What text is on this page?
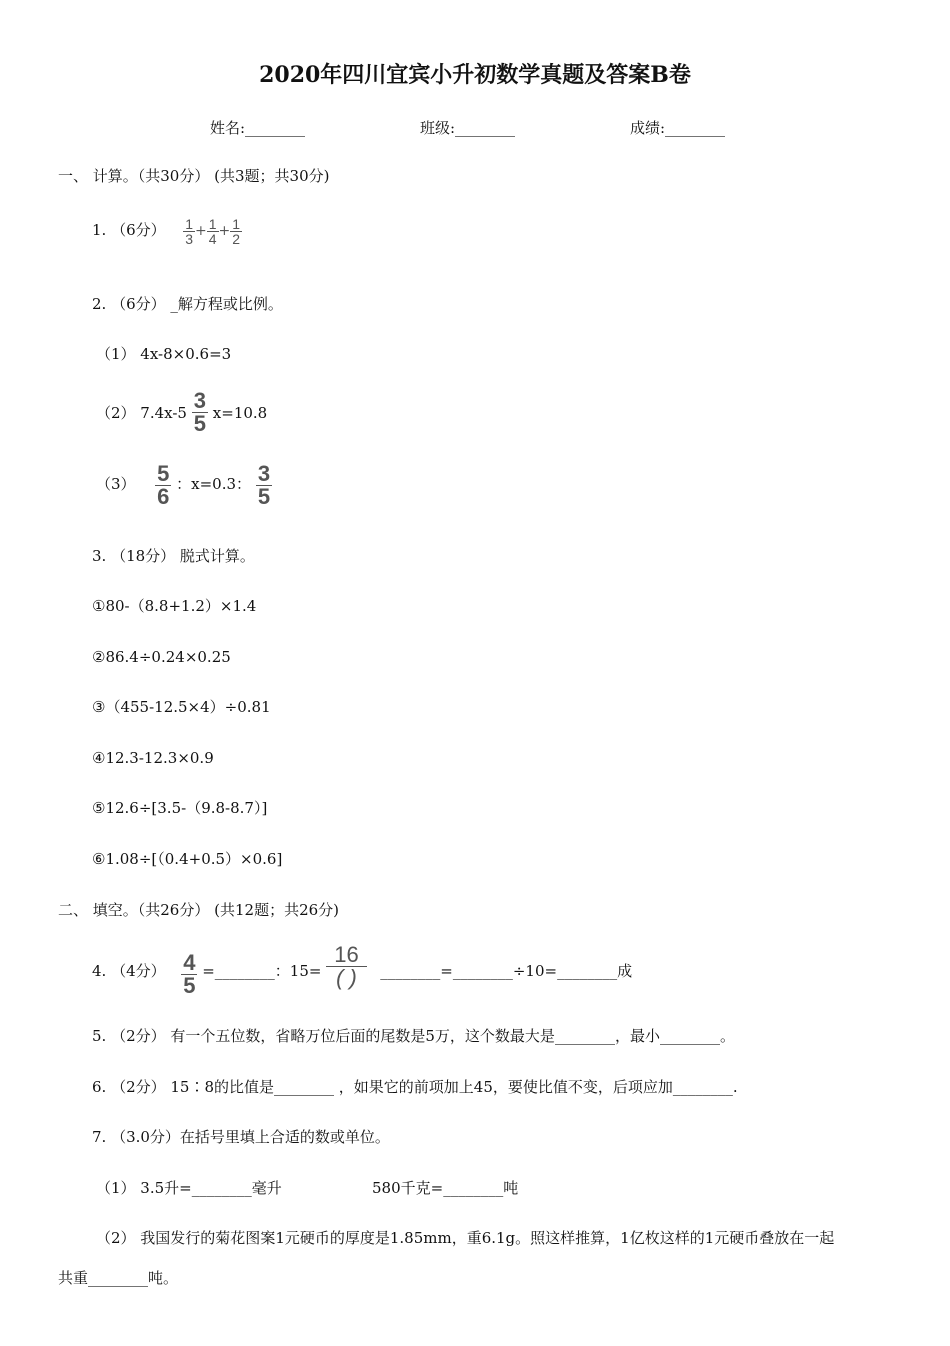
2020年四川宜宾小升初数学真题及答案B卷
姓名:________	班级:________	成绩:________
一、 计算。（共30分） (共3题；共30分)
1. （6分） $\frac{1}{3} + \frac{1}{4} + \frac{1}{2}$
2. （6分） _解方程或比例。
（1） 4x-8×0.6=3
（2） $7.4x-5 \frac{3}{5} x=10.8$
$(3) \frac{5}{6}$ ：x=0.3： $\frac{3}{5}$
3. （18分） 脱式计算。
①80-（8.8+1.2）×1.4
②86.4÷0.24×0.25
③（455-12.5×4）÷0.81
④12.3-12.3×0.9
⑤12.6÷[3.5-（9.8-8.7）]
⑥1.08÷[（0.4+0.5）×0.6]
二、 填空。（共26分） (共12题；共26分)
4. （4分） $\frac{4}{5}$ =________：$15= \frac{16}{( )}$ ________=________÷10=________成
5. （2分） 有一个五位数，省略万位后面的尾数是5万，这个数最大是________，最小________。
6. （2分） 15∶8的比值是________ ，如果它的前项加上45，要使比值不变，后项应加________.
7. （3.0分）在括号里填上合适的数或单位。
（1） 3.5升=________毫升	580千克=________吨
（2） 我国发行的菊花图案1元硬币的厚度是1.85mm，重6.1g。照这样推算，1亿枚这样的1元硬币叠放在一起
共重________吨。
